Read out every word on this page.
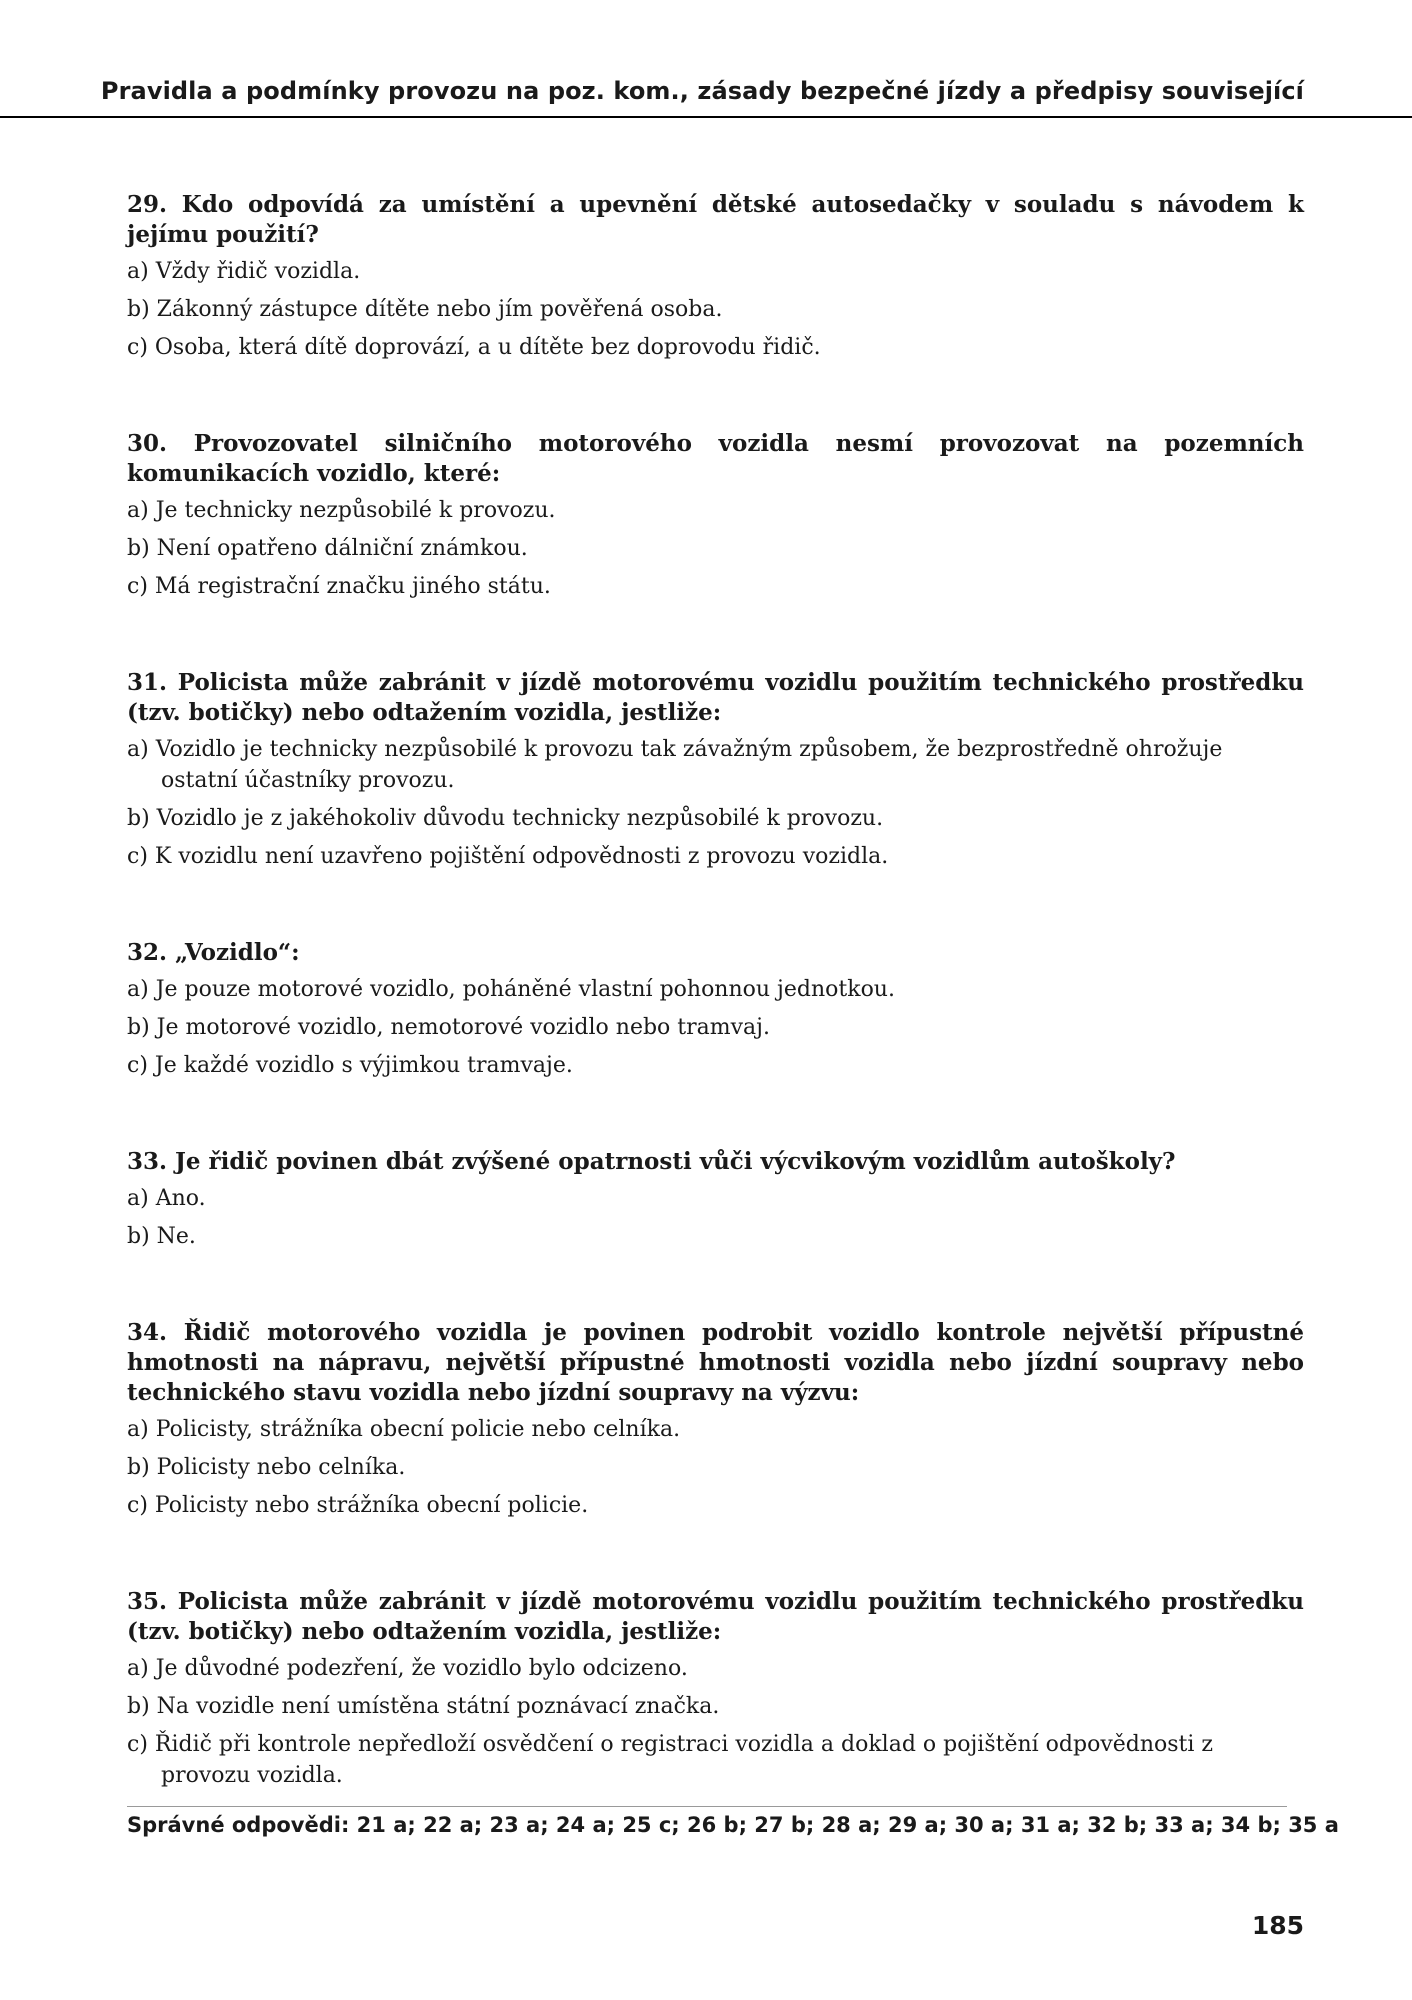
Pravidla a podmínky provozu na poz. kom., zásady bezpečné jízdy a předpisy související

29. Kdo odpovídá za umístění a upevnění dětské autosedačky v souladu s návodem k jejímu použití?

a) Vždy řidič vozidla.

b) Zákonný zástupce dítěte nebo jím pověřená osoba.

c) Osoba, která dítě doprovází, a u dítěte bez doprovodu řidič.

30. Provozovatel silničního motorového vozidla nesmí provozovat na pozemních komunikacích vozidlo, které:

a) Je technicky nezpůsobilé k provozu.

b) Není opatřeno dálniční známkou.

c) Má registrační značku jiného státu.

31. Policista může zabránit v jízdě motorovému vozidlu použitím technického prostředku (tzv. botičky) nebo odtažením vozidla, jestliže:

a) Vozidlo je technicky nezpůsobilé k provozu tak závažným způsobem, že bezprostředně ohrožuje ostatní účastníky provozu.

b) Vozidlo je z jakéhokoliv důvodu technicky nezpůsobilé k provozu.

c) K vozidlu není uzavřeno pojištění odpovědnosti z provozu vozidla.

32. „Vozidlo“:

a) Je pouze motorové vozidlo, poháněné vlastní pohonnou jednotkou.

b) Je motorové vozidlo, nemotorové vozidlo nebo tramvaj.

c) Je každé vozidlo s výjimkou tramvaje.

33. Je řidič povinen dbát zvýšené opatrnosti vůči výcvikovým vozidlům autoškoly?

a) Ano.

b) Ne.

34. Řidič motorového vozidla je povinen podrobit vozidlo kontrole největší přípustné hmotnosti na nápravu, největší přípustné hmotnosti vozidla nebo jízdní soupravy nebo technického stavu vozidla nebo jízdní soupravy na výzvu:

a) Policisty, strážníka obecní policie nebo celníka.

b) Policisty nebo celníka.

c) Policisty nebo strážníka obecní policie.

35. Policista může zabránit v jízdě motorovému vozidlu použitím technického prostředku (tzv. botičky) nebo odtažením vozidla, jestliže:

a) Je důvodné podezření, že vozidlo bylo odcizeno.

b) Na vozidle není umístěna státní poznávací značka.

c) Řidič při kontrole nepředloží osvědčení o registraci vozidla a doklad o pojištění odpovědnosti z provozu vozidla.

Správné odpovědi: 21 a; 22 a; 23 a; 24 a; 25 c; 26 b; 27 b; 28 a; 29 a; 30 a; 31 a; 32 b; 33 a; 34 b; 35 a

185
